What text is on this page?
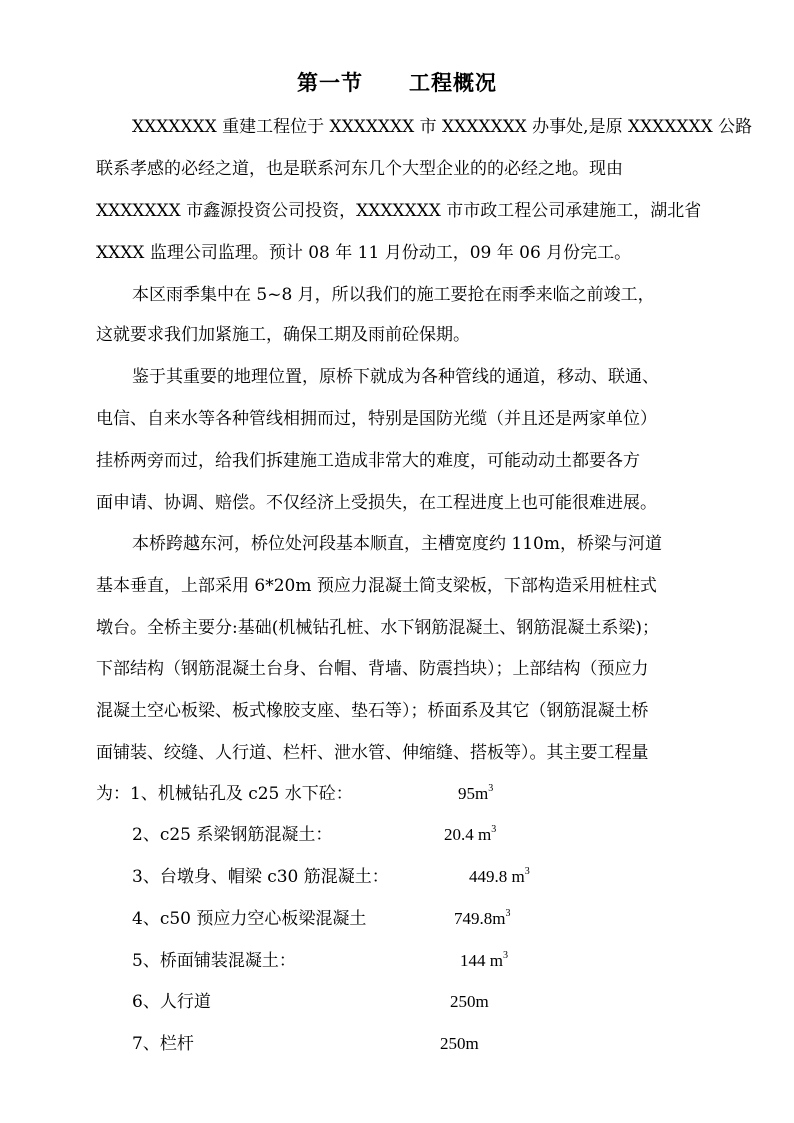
第一节 工程概况
XXXXXXX 重建工程位于 XXXXXXX 市 XXXXXXX 办事处,是原 XXXXXXX 公路
联系孝感的必经之道，也是联系河东几个大型企业的的必经之地。现由
XXXXXXX 市鑫源投资公司投资，XXXXXXX 市市政工程公司承建施工，湖北省
XXXX 监理公司监理。预计 08 年 11 月份动工，09 年 06 月份完工。
本区雨季集中在 5~8 月，所以我们的施工要抢在雨季来临之前竣工，
这就要求我们加紧施工，确保工期及雨前砼保期。
鉴于其重要的地理位置，原桥下就成为各种管线的通道，移动、联通、
电信、自来水等各种管线相拥而过，特别是国防光缆（并且还是两家单位）
挂桥两旁而过，给我们拆建施工造成非常大的难度，可能动动土都要各方
面申请、协调、赔偿。不仅经济上受损失，在工程进度上也可能很难进展。
本桥跨越东河，桥位处河段基本顺直，主槽宽度约 110m，桥梁与河道
基本垂直，上部采用 6*20m 预应力混凝土简支梁板，下部构造采用桩柱式
墩台。全桥主要分:基础(机械钻孔桩、水下钢筋混凝土、钢筋混凝土系梁)；
下部结构（钢筋混凝土台身、台帽、背墙、防震挡块）；上部结构（预应力
混凝土空心板梁、板式橡胶支座、垫石等）；桥面系及其它（钢筋混凝土桥
面铺装、绞缝、人行道、栏杆、泄水管、伸缩缝、搭板等）。其主要工程量
为：1、机械钻孔及 c25 水下砼：	$95m^3$
2、c25 系梁钢筋混凝土：	20.4 $m^3$
3、台墩身、帽梁 c30 筋混凝土：	449.8 $m^3$
4、c50 预应力空心板梁混凝土	$749.8m^3$
5、桥面铺装混凝土：	144 $m^3$
6、人行道	250m
7、栏杆	250m
